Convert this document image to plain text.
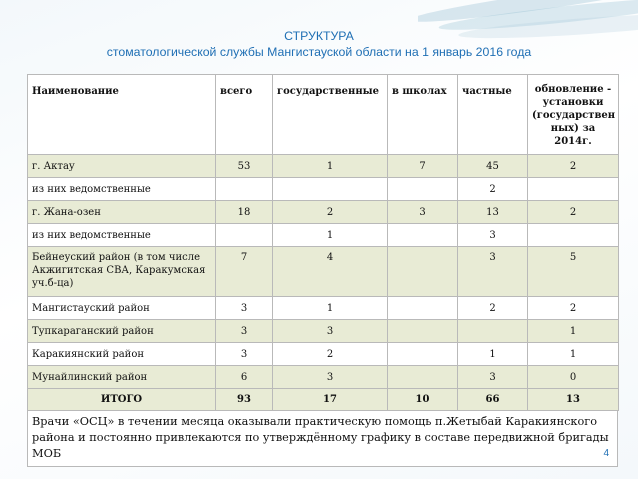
СТРУКТУРА
стоматологической службы Мангистауской области на 1 январь 2016 года
Наименование	всего	государственные	в школах	частные	обновление - установки (государствен ных) за 2014г.
г. Актау	53	1	7	45	2
из них ведомственные				2	
г. Жана-озен	18	2	3	13	2
из них ведомственные		1		3	
Бейнеуский район (в том числе Акжигитская СВА, Каракумская уч.б-ца)	7	4		3	5
Мангистауский район	3	1		2	2
Тупкараганский район	3	3			1
Каракиянский район	3	2		1	1
Мунайлинский район	6	3		3	0
ИТОГО	93	17	10	66	13
Врачи «ОСЦ» в течении месяца оказывали практическую помощь п.Жетыбай Каракиянского района и постоянно привлекаются по утверждённому графику в составе передвижной бригады МОБ	4
